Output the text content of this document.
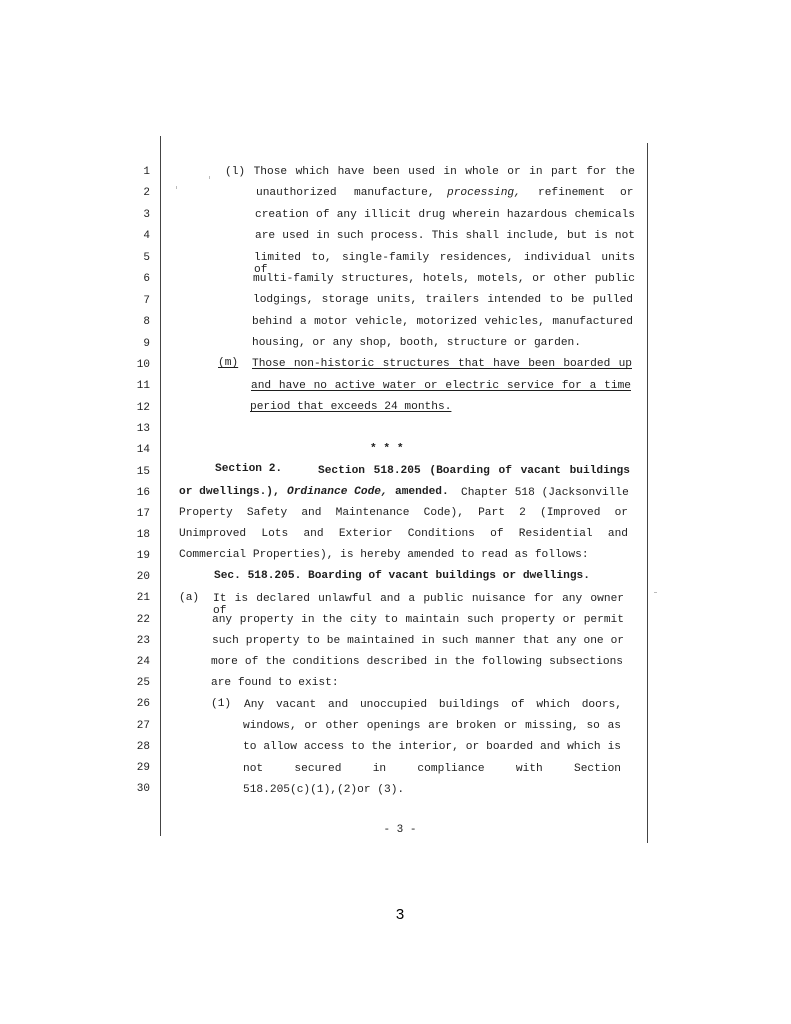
1
2
3
4
5
6
7
8
9
10
11
12
13
14
15
16
17
18
19
20
21
22
23
24
25
26
27
28
29
30
(l) Those which have been used in whole or in part for the
unauthorized manufacture, processing, refinement or
creation of any illicit drug wherein hazardous chemicals
are used in such process. This shall include, but is not
limited to, single-family residences, individual units of
multi-family structures, hotels, motels, or other public
lodgings, storage units, trailers intended to be pulled
behind a motor vehicle, motorized vehicles, manufactured
housing, or any shop, booth, structure or garden.
(m) Those non-historic structures that have been boarded up
and have no active water or electric service for a time
period that exceeds 24 months.
* * *
Section 2.	Section 518.205 (Boarding of vacant buildings
or dwellings.), Ordinance Code, amended. Chapter 518 (Jacksonville
Property Safety and Maintenance Code), Part 2 (Improved or
Unimproved Lots and Exterior Conditions of Residential and
Commercial Properties), is hereby amended to read as follows:
Sec. 518.205. Boarding of vacant buildings or dwellings.
(a) It is declared unlawful and a public nuisance for any owner of
any property in the city to maintain such property or permit
such property to be maintained in such manner that any one or
more of the conditions described in the following subsections
are found to exist:
(1) Any vacant and unoccupied buildings of which doors,
windows, or other openings are broken or missing, so as
to allow access to the interior, or boarded and which is
not secured in compliance with Section
518.205(c)(1),(2)or (3).
- 3 -
3
